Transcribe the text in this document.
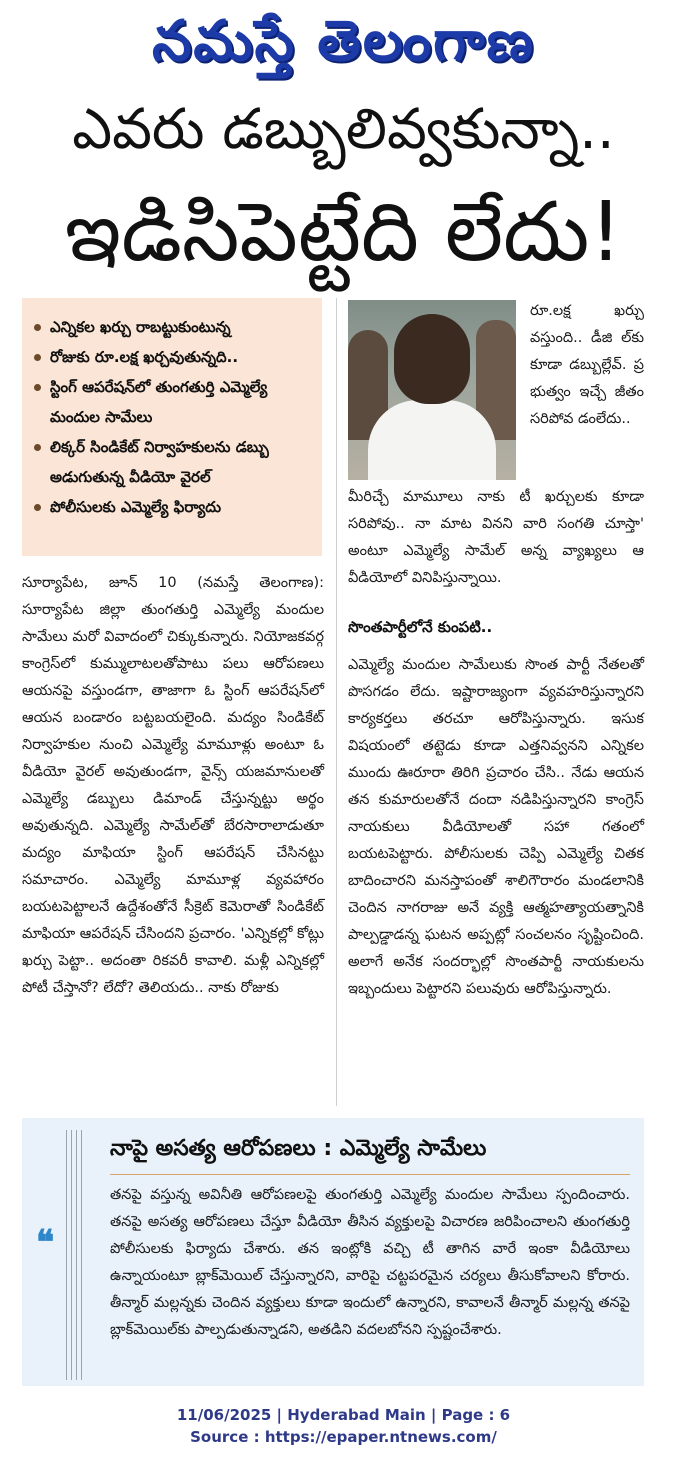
నమస్తే తెలంగాణ
ఎవరు డబ్బులివ్వకున్నా..
ఇడిసిపెట్టేది లేదు!
ఎన్నికల ఖర్చు రాబట్టుకుంటున్న
రోజుకు రూ.లక్ష ఖర్చవుతున్నది..
స్టింగ్ ఆపరేషన్‌లో తుంగతుర్తి ఎమ్మెల్యే మందుల సామేలు
లిక్కర్ సిండికేట్ నిర్వాహకులను డబ్బు అడుగుతున్న వీడియో వైరల్
పోలీసులకు ఎమ్మెల్యే ఫిర్యాదు

రూ.లక్ష ఖర్చు వస్తుంది.. డీజి ల్‌కు కూడా డబ్బుల్లేవ్. ప్ర భుత్వం ఇచ్చే జీతం సరిపోవ డంలేదు..

మీరిచ్చే మామూలు నాకు టీ ఖర్చులకు కూడా సరిపోవు.. నా మాట వినని వారి సంగతి చూస్తా' అంటూ ఎమ్మెల్యే సామేల్ అన్న వ్యాఖ్యలు ఆ వీడియోలో వినిపిస్తున్నాయి.

సొంతపార్టీలోనే కుంపటి..

ఎమ్మెల్యే మందుల సామేలుకు సొంత పార్టీ నేతలతో పొసగడం లేదు. ఇష్టారాజ్యంగా వ్యవహరిస్తున్నారని కార్యకర్తలు తరచూ ఆరోపిస్తున్నారు. ఇసుక విషయంలో తట్టెడు కూడా ఎత్తనివ్వనని ఎన్నికల ముందు ఊరూరా తిరిగి ప్రచారం చేసి.. నేడు ఆయన తన కుమారులతోనే దందా నడిపిస్తున్నారని కాంగ్రెస్ నాయకులు వీడియోలతో సహా గతంలో బయటపెట్టారు. పోలీసులకు చెప్పి ఎమ్మెల్యే చితక బాదించారని మనస్తాపంతో శాలిగౌరారం మండలానికి చెందిన నాగరాజు అనే వ్యక్తి ఆత్మహత్యాయత్నానికి పాల్పడ్డాడన్న ఘటన అప్పట్లో సంచలనం సృష్టించింది. అలాగే అనేక సందర్భాల్లో సొంతపార్టీ నాయకులను ఇబ్బందులు పెట్టారని పలువురు ఆరోపిస్తున్నారు.

సూర్యాపేట, జూన్ 10 (నమస్తే తెలంగాణ): సూర్యాపేట జిల్లా తుంగతుర్తి ఎమ్మెల్యే మందుల సామేలు మరో వివాదంలో చిక్కుకున్నారు. నియోజకవర్గ కాంగ్రెస్‌లో కుమ్ములాటలతోపాటు పలు ఆరోపణలు ఆయనపై వస్తుండగా, తాజాగా ఓ స్టింగ్ ఆపరేషన్‌లో ఆయన బండారం బట్టబయలైంది. మద్యం సిండికేట్ నిర్వాహకుల నుంచి ఎమ్మెల్యే మామూళ్లు అంటూ ఓ వీడియో వైరల్ అవుతుండగా, వైన్స్ యజమానులతో ఎమ్మెల్యే డబ్బులు డిమాండ్ చేస్తున్నట్టు అర్థం అవుతున్నది. ఎమ్మెల్యే సామేల్‌తో బేరసారాలాడుతూ మద్యం మాఫియా స్టింగ్ ఆపరేషన్ చేసినట్టు సమాచారం. ఎమ్మెల్యే మామూళ్ల వ్యవహారం బయటపెట్టాలనే ఉద్దేశంతోనే సీక్రెట్ కెమెరాతో సిండికేట్ మాఫియా ఆపరేషన్ చేసిందని ప్రచారం. 'ఎన్నికల్లో కోట్లు ఖర్చు పెట్టా.. అదంతా రికవరీ కావాలి. మళ్లీ ఎన్నికల్లో పోటీ చేస్తానో? లేదో? తెలియదు.. నాకు రోజుకు

❝
నాపై అసత్య ఆరోపణలు : ఎమ్మెల్యే సామేలు

తనపై వస్తున్న అవినీతి ఆరోపణలపై తుంగతుర్తి ఎమ్మెల్యే మందుల సామేలు స్పందించారు. తనపై అసత్య ఆరోపణలు చేస్తూ వీడియో తీసిన వ్యక్తులపై విచారణ జరిపించాలని తుంగతుర్తి పోలీసులకు ఫిర్యాదు చేశారు. తన ఇంట్లోకి వచ్చి టీ తాగిన వారే ఇంకా వీడియోలు ఉన్నాయంటూ బ్లాక్‌మెయిల్ చేస్తున్నారని, వారిపై చట్టపరమైన చర్యలు తీసుకోవాలని కోరారు. తీన్మార్ మల్లన్నకు చెందిన వ్యక్తులు కూడా ఇందులో ఉన్నారని, కావాలనే తీన్మార్ మల్లన్న తనపై బ్లాక్‌మెయిల్‌కు పాల్పడుతున్నాడని, అతడిని వదలబోనని స్పష్టంచేశారు.

11/06/2025 | Hyderabad Main | Page : 6
Source : https://epaper.ntnews.com/
